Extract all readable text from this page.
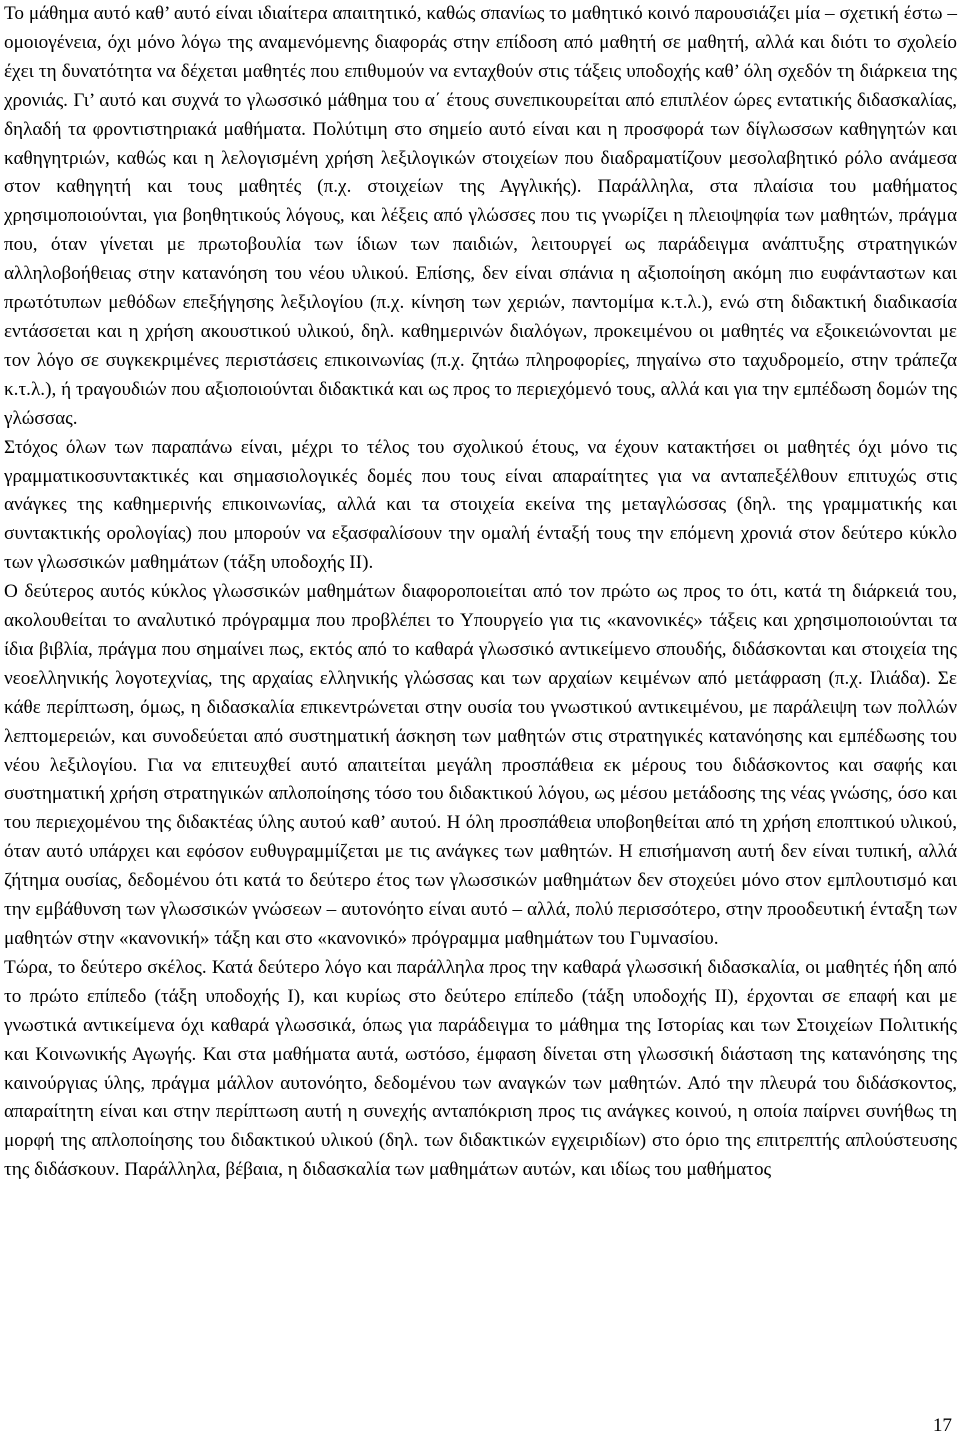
Το μάθημα αυτό καθ’ αυτό είναι ιδιαίτερα απαιτητικό, καθώς σπανίως το μαθητικό κοινό παρουσιάζει μία – σχετική έστω – ομοιογένεια, όχι μόνο λόγω της αναμενόμενης διαφοράς στην επίδοση από μαθητή σε μαθητή, αλλά και διότι το σχολείο έχει τη δυνατότητα να δέχεται μαθητές που επιθυμούν να ενταχθούν στις τάξεις υποδοχής καθ’ όλη σχεδόν τη διάρκεια της χρονιάς. Γι’ αυτό και συχνά το γλωσσικό μάθημα του α΄ έτους συνεπικουρείται από επιπλέον ώρες εντατικής διδασκαλίας, δηλαδή τα φροντιστηριακά μαθήματα. Πολύτιμη στο σημείο αυτό είναι και η προσφορά των δίγλωσσων καθηγητών και καθηγητριών, καθώς και η λελογισμένη χρήση λεξιλογικών στοιχείων που διαδραματίζουν μεσολαβητικό ρόλο ανάμεσα στον καθηγητή και τους μαθητές (π.χ. στοιχείων της Αγγλικής). Παράλληλα, στα πλαίσια του μαθήματος χρησιμοποιούνται, για βοηθητικούς λόγους, και λέξεις από γλώσσες που τις γνωρίζει η πλειοψηφία των μαθητών, πράγμα που, όταν γίνεται με πρωτοβουλία των ίδιων των παιδιών, λειτουργεί ως παράδειγμα ανάπτυξης στρατηγικών αλληλοβοήθειας στην κατανόηση του νέου υλικού. Επίσης, δεν είναι σπάνια η αξιοποίηση ακόμη πιο ευφάνταστων και πρωτότυπων μεθόδων επεξήγησης λεξιλογίου (π.χ. κίνηση των χεριών, παντομίμα κ.τ.λ.), ενώ στη διδακτική διαδικασία εντάσσεται και η χρήση ακουστικού υλικού, δηλ. καθημερινών διαλόγων, προκειμένου οι μαθητές να εξοικειώνονται με τον λόγο σε συγκεκριμένες περιστάσεις επικοινωνίας (π.χ. ζητάω πληροφορίες, πηγαίνω στο ταχυδρομείο, στην τράπεζα κ.τ.λ.), ή τραγουδιών που αξιοποιούνται διδακτικά και ως προς το περιεχόμενό τους, αλλά και για την εμπέδωση δομών της γλώσσας.

Στόχος όλων των παραπάνω είναι, μέχρι το τέλος του σχολικού έτους, να έχουν κατακτήσει οι μαθητές όχι μόνο τις γραμματικοσυντακτικές και σημασιολογικές δομές που τους είναι απαραίτητες για να ανταπεξέλθουν επιτυχώς στις ανάγκες της καθημερινής επικοινωνίας, αλλά και τα στοιχεία εκείνα της μεταγλώσσας (δηλ. της γραμματικής και συντακτικής ορολογίας) που μπορούν να εξασφαλίσουν την ομαλή ένταξή τους την επόμενη χρονιά στον δεύτερο κύκλο των γλωσσικών μαθημάτων (τάξη υποδοχής ΙΙ).

Ο δεύτερος αυτός κύκλος γλωσσικών μαθημάτων διαφοροποιείται από τον πρώτο ως προς το ότι, κατά τη διάρκειά του, ακολουθείται το αναλυτικό πρόγραμμα που προβλέπει το Υπουργείο για τις «κανονικές» τάξεις και χρησιμοποιούνται τα ίδια βιβλία, πράγμα που σημαίνει πως, εκτός από το καθαρά γλωσσικό αντικείμενο σπουδής, διδάσκονται και στοιχεία της νεοελληνικής λογοτεχνίας, της αρχαίας ελληνικής γλώσσας και των αρχαίων κειμένων από μετάφραση (π.χ. Ιλιάδα). Σε κάθε περίπτωση, όμως, η διδασκαλία επικεντρώνεται στην ουσία του γνωστικού αντικειμένου, με παράλειψη των πολλών λεπτομερειών, και συνοδεύεται από συστηματική άσκηση των μαθητών στις στρατηγικές κατανόησης και εμπέδωσης του νέου λεξιλογίου. Για να επιτευχθεί αυτό απαιτείται μεγάλη προσπάθεια εκ μέρους του διδάσκοντος και σαφής και συστηματική χρήση στρατηγικών απλοποίησης τόσο του διδακτικού λόγου, ως μέσου μετάδοσης της νέας γνώσης, όσο και του περιεχομένου της διδακτέας ύλης αυτού καθ’ αυτού. Η όλη προσπάθεια υποβοηθείται από τη χρήση εποπτικού υλικού, όταν αυτό υπάρχει και εφόσον ευθυγραμμίζεται με τις ανάγκες των μαθητών. Η επισήμανση αυτή δεν είναι τυπική, αλλά ζήτημα ουσίας, δεδομένου ότι κατά το δεύτερο έτος των γλωσσικών μαθημάτων δεν στοχεύει μόνο στον εμπλουτισμό και την εμβάθυνση των γλωσσικών γνώσεων – αυτονόητο είναι αυτό – αλλά, πολύ περισσότερο, στην προοδευτική ένταξη των μαθητών στην «κανονική» τάξη και στο «κανονικό» πρόγραμμα μαθημάτων του Γυμνασίου.

Τώρα, το δεύτερο σκέλος. Κατά δεύτερο λόγο και παράλληλα προς την καθαρά γλωσσική διδασκαλία, οι μαθητές ήδη από το πρώτο επίπεδο (τάξη υποδοχής Ι), και κυρίως στο δεύτερο επίπεδο (τάξη υποδοχής ΙΙ), έρχονται σε επαφή και με γνωστικά αντικείμενα όχι καθαρά γλωσσικά, όπως για παράδειγμα το μάθημα της Ιστορίας και των Στοιχείων Πολιτικής και Κοινωνικής Αγωγής. Και στα μαθήματα αυτά, ωστόσο, έμφαση δίνεται στη γλωσσική διάσταση της κατανόησης της καινούργιας ύλης, πράγμα μάλλον αυτονόητο, δεδομένου των αναγκών των μαθητών. Από την πλευρά του διδάσκοντος, απαραίτητη είναι και στην περίπτωση αυτή η συνεχής ανταπόκριση προς τις ανάγκες κοινού, η οποία παίρνει συνήθως τη μορφή της απλοποίησης του διδακτικού υλικού (δηλ. των διδακτικών εγχειριδίων) στο όριο της επιτρεπτής απλούστευσης της διδάσκουν. Παράλληλα, βέβαια, η διδασκαλία των μαθημάτων αυτών, και ιδίως του μαθήματος

17
